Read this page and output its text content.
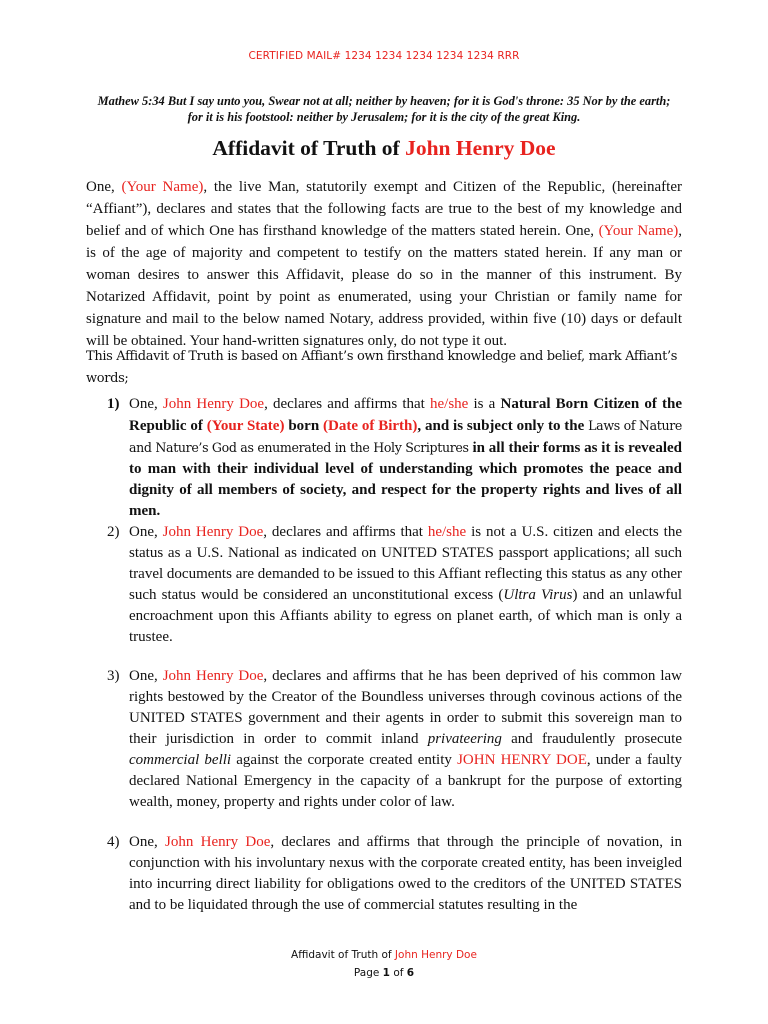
CERTIFIED MAIL# 1234 1234 1234 1234 1234 RRR
Mathew 5:34 But I say unto you, Swear not at all; neither by heaven; for it is God's throne: 35 Nor by the earth;
for it is his footstool: neither by Jerusalem; for it is the city of the great King.
Affidavit of Truth of John Henry Doe

One, (Your Name), the live Man, statutorily exempt and Citizen of the Republic, (hereinafter “Affiant”), declares and states that the following facts are true to the best of my knowledge and belief and of which One has firsthand knowledge of the matters stated herein. One, (Your Name), is of the age of majority and competent to testify on the matters stated herein. If any man or woman desires to answer this Affidavit, please do so in the manner of this instrument. By Notarized Affidavit, point by point as enumerated, using your Christian or family name for signature and mail to the below named Notary, address provided, within five (10) days or default will be obtained. Your hand-written signatures only, do not type it out.

This Affidavit of Truth is based on Affiant’s own firsthand knowledge and belief, mark Affiant’s words;
1) One, John Henry Doe, declares and affirms that he/she is a Natural Born Citizen of the Republic of (Your State) born (Date of Birth), and is subject only to the Laws of Nature and Nature’s God as enumerated in the Holy Scriptures in all their forms as it is revealed to man with their individual level of understanding which promotes the peace and dignity of all members of society, and respect for the property rights and lives of all men.
2) One, John Henry Doe, declares and affirms that he/she is not a U.S. citizen and elects the status as a U.S. National as indicated on UNITED STATES passport applications; all such travel documents are demanded to be issued to this Affiant reflecting this status as any other such status would be considered an unconstitutional excess (Ultra Virus) and an unlawful encroachment upon this Affiants ability to egress on planet earth, of which man is only a trustee.
3) One, John Henry Doe, declares and affirms that he has been deprived of his common law rights bestowed by the Creator of the Boundless universes through covinous actions of the UNITED STATES government and their agents in order to submit this sovereign man to their jurisdiction in order to commit inland privateering and fraudulently prosecute commercial belli against the corporate created entity JOHN HENRY DOE, under a faulty declared National Emergency in the capacity of a bankrupt for the purpose of extorting wealth, money, property and rights under color of law.
4) One, John Henry Doe, declares and affirms that through the principle of novation, in conjunction with his involuntary nexus with the corporate created entity, has been inveigled into incurring direct liability for obligations owed to the creditors of the UNITED STATES and to be liquidated through the use of commercial statutes resulting in the
Affidavit of Truth of John Henry Doe
Page 1 of 6
